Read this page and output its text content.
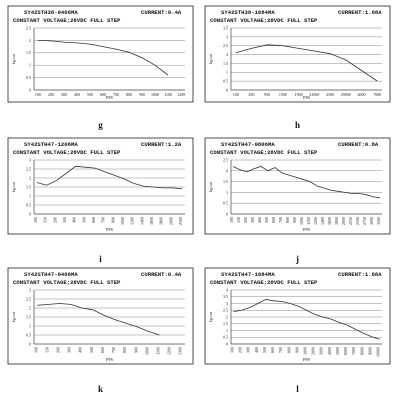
SY42STH38-0406MA	CURRENT:0.4A
CONSTANT VOLTAGE;28VDC FULL STEP
2.5
2
1.5
1
0.5
0
kg.cm
100 200 300 400 500 600 700 800 900 1000 1100 1200
PPS
g
SY42STH38-1684MA	CURRENT:1.68A
CONSTANT VOLTAGE;28VDC FULL STEP
3.5
3
2.5
2
1.5
1
0.5
0
kg.cm
100 450 950 1500 1900 21000 2500 29000 4000 7000
PPS
h
SY42STH47-1206MA	CURRENT:1.2A
CONSTANT VOLTAGE;28VDC FULL STEP
3
2.5
2
1.5
1
0.5
0
kg.cm
100 150 200 300 400 500 600 700 800 1000 1200 1400 1600 1800 2000 2500
PPS
i
SY42STH47-0806MA	CURRENT:0.8A
CONSTANT VOLTAGE;28VDC FULL STEP
2.5
2
1.5
1
0.5
0
kg.cm
100 150 200 300 400 500 600 700 800 900 1000 1100 1200 1400 1600 1800 2000 2250 2500 2750 3000 3500
PPS
j
SY42STH47-0406MA	CURRENT:0.4A
CONSTANT VOLTAGE;28VDC FULL STEP
3
2.5
2
1.5
1
0.5
0
kg.cm
100 150 200 300 400 500 600 700 800 900 1000 1100 1200 1300
PPS
k
SY42STH47-1684MA	CURRENT:1.68A
CONSTANT VOLTAGE;28VDC FULL STEP
4
3.5
3
2.5
2
1.5
1
0.5
0
kg.cm
100 200 300 400 500 600 700 800 900 1000 2000 3000 4000 5000 6000 7000 8000 9000 10000
PPS
l
